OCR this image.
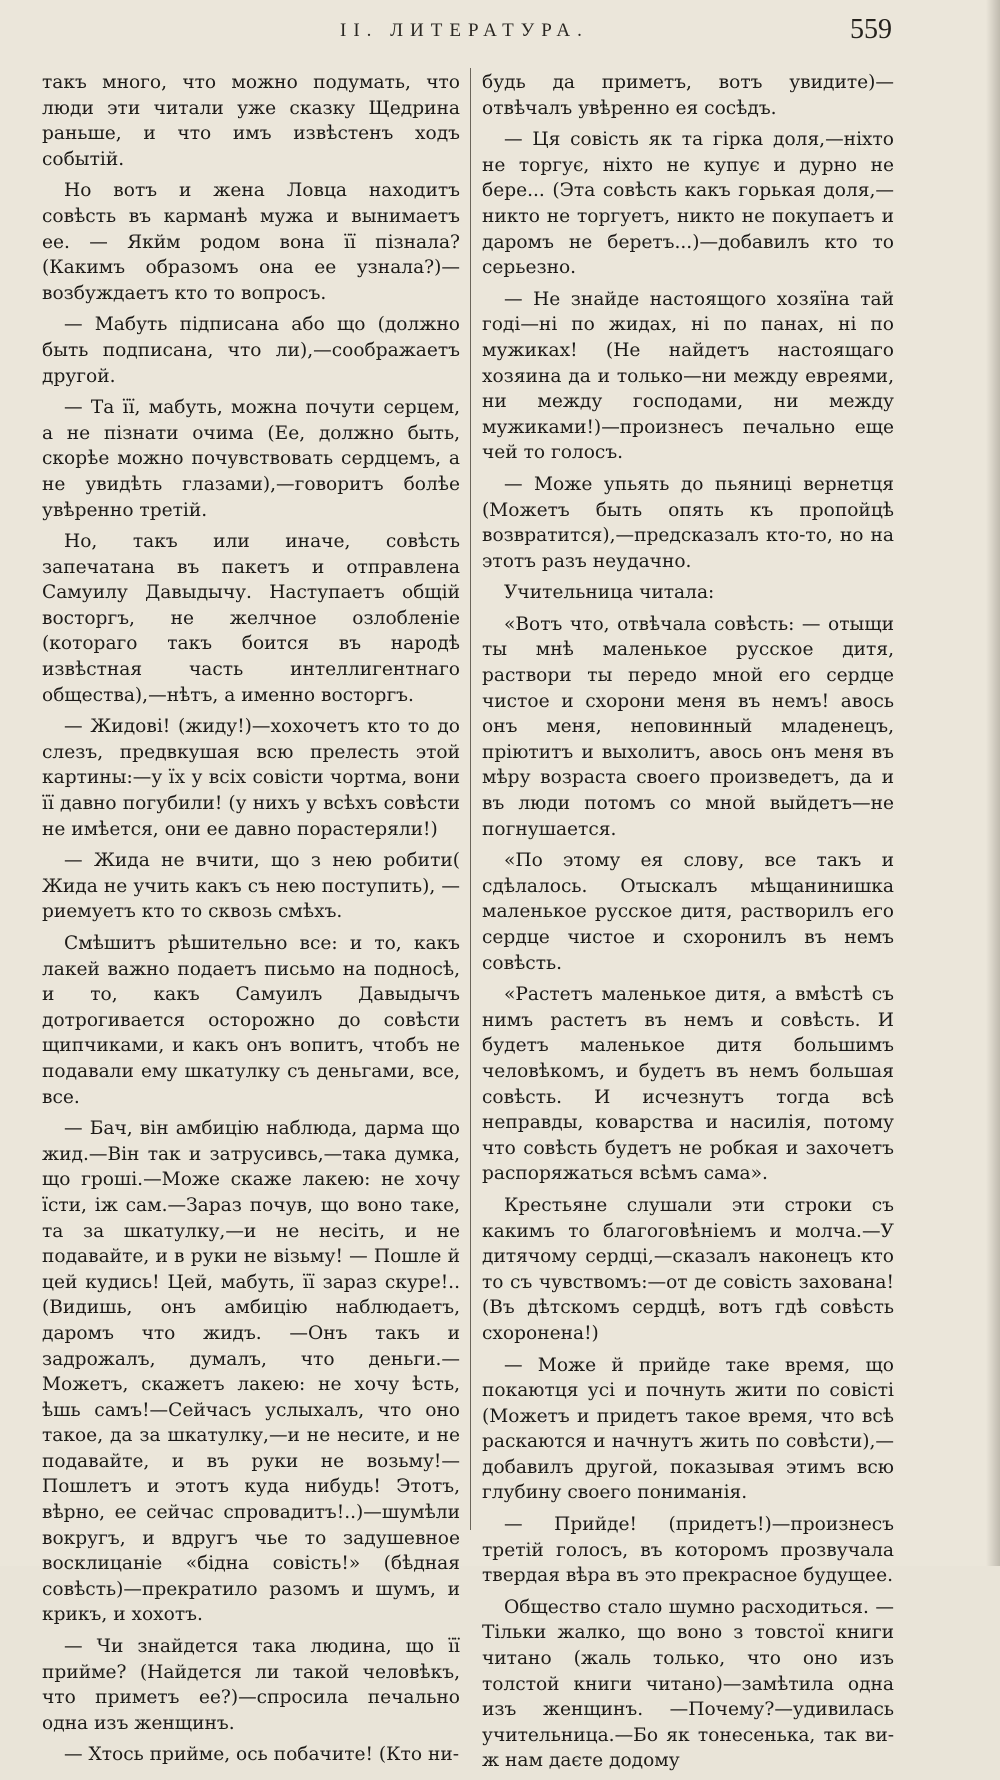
II. ЛИТЕРАТУРА.	559

такъ много, что можно подумать, что люди эти читали уже сказку Щедрина раньше, и что имъ извѣстенъ ходъ событій.

Но вотъ и жена Ловца находитъ совѣсть въ карманѣ мужа и вынимаетъ ее. — Якйм родом вона її пізнала? (Какимъ образомъ она ее узнала?)—возбуждаетъ кто то вопросъ.

— Мабуть підписана або що (должно быть подписана, что ли),—соображаетъ другой.

— Та її, мабуть, можна почути серцем, а не пізнати очима (Ее, должно быть, скорѣе можно почувствовать сердцемъ, а не увидѣть глазами),—говоритъ болѣе увѣренно третій.

Но, такъ или иначе, совѣсть запечатана въ пакетъ и отправлена Самуилу Давыдычу. Наступаетъ общій восторгъ, не желчное озлобленіе (котораго такъ боится въ народѣ извѣстная часть интеллигентнаго общества),—нѣтъ, а именно восторгъ.

— Жидові! (жиду!)—хохочетъ кто то до слезъ, предвкушая всю прелесть этой картины:—у їх у всіх совісти чортма, вони її давно погубили! (у нихъ у всѣхъ совѣсти не имѣется, они ее давно порастеряли!)

— Жида не вчити, що з нею робити( Жида не учить какъ съ нею поступить), —риемуетъ кто то сквозь смѣхъ.

Смѣшитъ рѣшительно все: и то, какъ лакей важно подаетъ письмо на подносѣ, и то, какъ Самуилъ Давыдычъ дотрогивается осторожно до совѣсти щипчиками, и какъ онъ вопитъ, чтобъ не подавали ему шкатулку съ деньгами, все, все.

— Бач, він амбицію наблюда, дарма що жид.—Він так и затрусивсь,—така думка, що гроші.—Може скаже лакею: не хочу їсти, іж сам.—Зараз почув, що воно таке, та за шкатулку,—и не несіть, и не подавайте, и в руки не візьму! — Пошле й цей кудись! Цей, мабуть, її зараз скуре!.. (Видишь, онъ амбицію наблюдаетъ, даромъ что жидъ. —Онъ такъ и задрожалъ, думалъ, что деньги.—Можетъ, скажетъ лакею: не хочу ѣсть, ѣшь самъ!—Сейчасъ услыхалъ, что оно такое, да за шкатулку,—и не несите, и не подавайте, и въ руки не возьму!—Пошлетъ и этотъ куда нибудь! Этотъ, вѣрно, ее сейчас спровадитъ!..)—шумѣли вокругъ, и вдругъ чье то задушевное восклицаніе «бідна совість!» (бѣдная совѣсть)—прекратило разомъ и шумъ, и крикъ, и хохотъ.

— Чи знайдется така людина, що її прийме? (Найдется ли такой человѣкъ, что приметъ ее?)—спросила печально одна изъ женщинъ.

— Хтось прийме, ось побачите! (Кто ни-

будь да приметъ, вотъ увидите)—отвѣчалъ увѣренно ея сосѣдъ.

— Ця совість як та гірка доля,—ніхто не торгує, ніхто не купує и дурно не бере... (Эта совѣсть какъ горькая доля,—никто не торгуетъ, никто не покупаетъ и даромъ не беретъ...)—добавилъ кто то серьезно.

— Не знайде настоящого хозяїна тай годі—ні по жидах, ні по панах, ні по мужиках! (Не найдетъ настоящаго хозяина да и только—ни между евреями, ни между господами, ни между мужиками!)—произнесъ печально еще чей то голосъ.

— Може упьять до пьяниці вернетця (Можетъ быть опять къ пропойцѣ возвратится),—предсказалъ кто-то, но на этотъ разъ неудачно.

Учительница читала:

«Вотъ что, отвѣчала совѣсть: — отыщи ты мнѣ маленькое русское дитя, раствори ты передо мной его сердце чистое и схорони меня въ немъ! авось онъ меня, неповинный младенецъ, пріютитъ и выхолитъ, авось онъ меня въ мѣру возраста своего произведетъ, да и въ люди потомъ со мной выйдетъ—не погнушается.

«По этому ея слову, все такъ и сдѣлалось. Отыскалъ мѣщанинишка маленькое русское дитя, растворилъ его сердце чистое и схоронилъ въ немъ совѣсть.

«Растетъ маленькое дитя, а вмѣстѣ съ нимъ растетъ въ немъ и совѣсть. И будетъ маленькое дитя большимъ человѣкомъ, и будетъ въ немъ большая совѣсть. И исчезнутъ тогда всѣ неправды, коварства и насилія, потому что совѣсть будетъ не робкая и захочетъ распоряжаться всѣмъ сама».

Крестьяне слушали эти строки съ какимъ то благоговѣніемъ и молча.—У дитячому сердці,—сказалъ наконецъ кто то съ чувствомъ:—от де совість захована! (Въ дѣтскомъ сердцѣ, вотъ гдѣ совѣсть схоронена!)

— Може й прийде таке время, що покаютця усі и почнуть жити по совісті (Можетъ и придетъ такое время, что всѣ раскаются и начнутъ жить по совѣсти),—добавилъ другой, показывая этимъ всю глубину своего пониманія.

— Прийде! (придетъ!)—произнесъ третій голосъ, въ которомъ прозвучала твердая вѣра въ это прекрасное будущее.

Общество стало шумно расходиться. — Тільки жалко, що воно з товстої книги читано (жаль только, что оно изъ толстой книги читано)—замѣтила одна изъ женщинъ. —Почему?—удивилась учительница.—Бо як тонесенька, так ви-ж нам даєте додому
